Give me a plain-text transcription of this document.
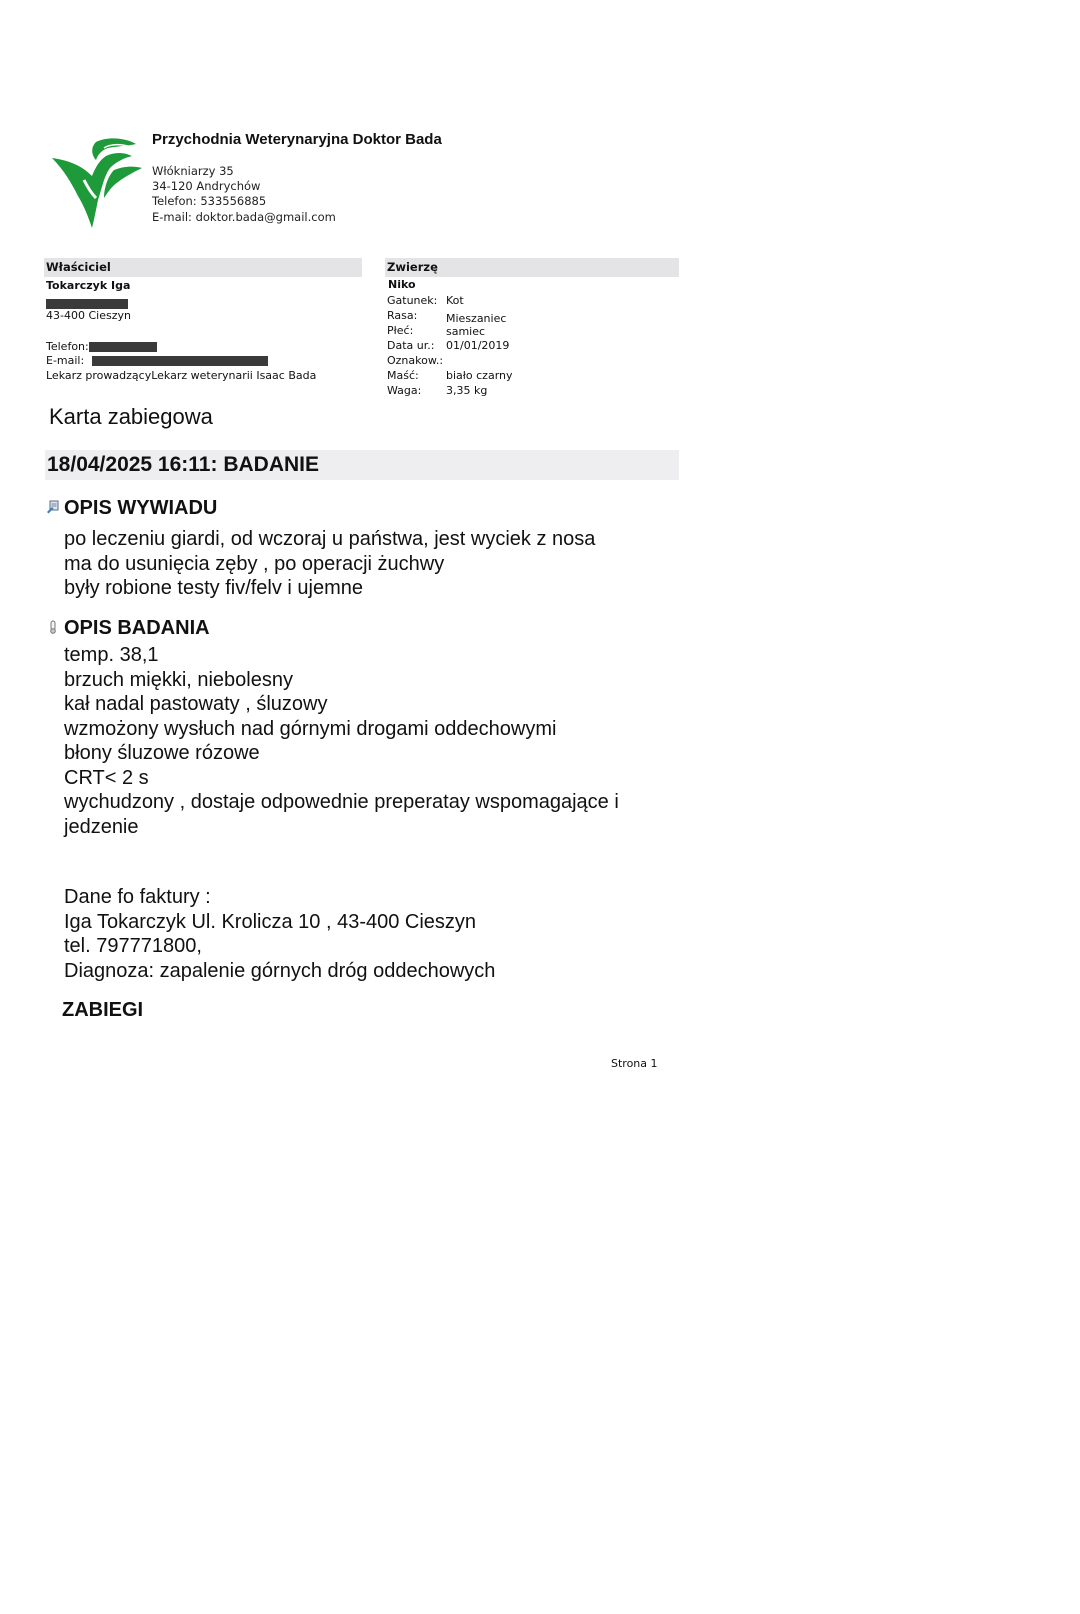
Przychodnia Weterynaryjna Doktor Bada
Włókniarzy 35
34-120 Andrychów
Telefon: 533556885
E-mail: doktor.bada@gmail.com
Właściciel
Tokarczyk Iga
43-400 Cieszyn
Telefon:
E-mail:
Lekarz prowadzącyLekarz weterynarii Isaac Bada
Zwierzę
Niko
Gatunek: Kot
Rasa:	Mieszaniec
Płeć:	samiec
Data ur.: 01/01/2019
Oznakow.:
Maść: biało czarny
Waga: 3,35 kg
Karta zabiegowa
18/04/2025 16:11: BADANIE
OPIS WYWIADU
po leczeniu giardi, od wczoraj u państwa, jest wyciek z nosa
ma do usunięcia zęby , po operacji żuchwy
były robione testy fiv/felv i ujemne
OPIS BADANIA
temp. 38,1
brzuch miękki, niebolesny
kał nadal pastowaty , śluzowy
wzmożony wysłuch nad górnymi drogami oddechowymi
błony śluzowe rózowe
CRT< 2 s
wychudzony , dostaje odpowednie preperatay wspomagające i
jedzenie
Dane fo faktury :
Iga Tokarczyk Ul. Krolicza 10 , 43-400 Cieszyn
tel. 797771800,
Diagnoza: zapalenie górnych dróg oddechowych
ZABIEGI
Strona 1
